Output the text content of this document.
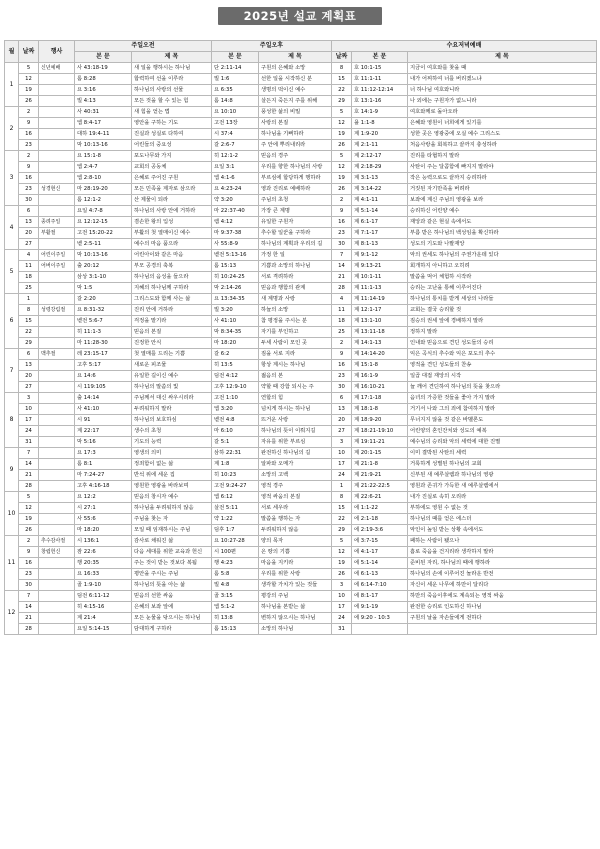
2025년 설교 계획표
월	날짜	행사	주일오전		주일오후		수요저녁예배		
			본 문	제 목	본 문	제 목	날짜	본 문	제 목
1	5	신년예배	사 43:18-19	새 일을 행하시는 하나님	단 2:11-14	구원의 은혜와 소망	8	호 10:1-15	지금이 여호와를 찾을 때
	12		롬 8:28	합력하여 선을 이루라	빌 1:6	선한 일을 시작하신 분	15	호 11:1-11	내가 어찌하여 너를 버리겠느냐
	19		요 3:16	하나님의 사랑의 선물	요 6:35	생명의 떡이신 예수	22	호 11:12-12:14	너 하나님 여호와니라
	26		빌 4:13	모든 것을 할 수 있는 힘	롬 14:8	살든지 죽든지 주를 위해	29	호 13:1-16	나 외에는 구원자가 없느니라
2	2		사 40:31	새 힘을 얻는 법	요 10:10	풍성한 삶의 비밀	5	호 14:1-9	여호와께로 돌아오라
	9		엡 8:4-17	영안을 구하는 기도	고전 13장	사랑의 본질	12	욜 1:1-8	은혜와 영원이 너희에게 있기를
	16		대하 19:4-11	진실과 성실로 다하여	시 37:4	하나님을 기뻐하라	19	계 1:9-20	성한 곳은 영광중에 오실 예수 그리스도
	23		막 10:13-16	어린들의 중요성	갈 2:6-7	주 안에 뿌리내리라	26	계 2:1-11	처음사랑을 회복하고 끝까지 충성하라
3	2		요 15:1-8	포도나무와 가지	히 12:1-2	믿음의 경주	5	계 2:12-17	진리를 타협하지 말라
	9		엡 2:4-7	교회의 공동체	요일 3:1	우리를 향한 하나님의 사랑	12	계 2:18-29	사탄이 주는 달콤함에 빠지지 말라야
	16		엡 2:8-10	은혜로 주어진 구원	엡 4:1-6	부르심에 합당하게 행하라	19	계 3:1-13	작은 능력으로도 끝까지 승리하라
	23	성경현신	마 28:19-20	모든 민족을 제자로 삼으라	요 4:23-24	영과 진리로 예배하라	26	계 3:14-22	거짓된 자기만족을 버려라
	30		롬 12:1-2	산 제물이 되라	약 3:20	주님의 초청	2	계 4:1-11	보좌에 계신 주님의 영광을 보라
4	6		요일 4:7-8	하나님의 사랑 안에 거하라	마 22:37-40	가장 큰 계명	9	계 5:1-14	승리하신 어린양 예수
	13	종려주일	요 12:12-15	겸손한 왕의 입성	렘 4:12	유일한 구원자	16	계 6:1-17	재앙과 같은 현실 속에서도
	20	부활절	고전 15:20-22	부활의 첫 열매이신 예수	마 9:37-38	추수할 일꾼을 구하라	23	계 7:1-17	부름 받은 하나님의 백성임을 확신하라
	27		벧 2:5-11	예수의 마음 품으라	사 55:8-9	하나님의 계획과 우리의 길	30	계 8:1-13	성도의 기도와 나팔재앙
5	4	어린이주일	막 10:13-16	어린아이와 같은 마음	벧전 5:13-16	가정 한 일	7	계 9:1-12	악의 권세도 하나님의 주권가운데 있다
	11	어버이주일	출 20:12	부모 공경의 축복	롬 15:13	기쁨과 소망의 하나님	14	계 9:13-21	회개하지 아니하고 오히려
	18		삼상 3:1-10	하나님의 음성을 들으라	히 10:24-25	서로 격려하라	21	계 10:1-11	말씀을 먹어 체험하 시작라
	25		막 1:5	지혜의 하나님께 구하라	막 2:14-26	믿음과 행함의 관계	28	계 11:1-13	승리는 고난을 통해 이루어진다
6	1		갈 2:20	그리스도와 함께 사는 삶	요 13:34-35	새 계명과 사랑	4	계 11:14-19	하나님의 통치를 받게 세상의 나라들
	8	성령강림절	요 8:31-32	진리 안에 거하라	빌 3:20	하늘의 소망	11	계 12:1-17	교회는 결국 승리할 것
	15		벧전 5:6-7	걱정을 맡기라	사 41:10	참 평정을 주시는 분	18	계 13:1-10	짐승의 권세 앞에 경배하지 말라
	22		히 11:1-3	믿음의 본질	막 8:34-35	자기를 부인하고	25	계 13:11-18	정하지 말라
	29		마 11:28-30	진정한 안식	마 18:20	두세 사람이 모인 곳	2	계 14:1-13	인내와 믿음으로 견딘 성도들의 승리
7	6	맥추절	레 23:15-17	첫 열매를 드리는 기쁨	갈 6:2	짐을 서로 지라	9	계 14:14-20	익은 곡식의 추수와 익은 포도의 추수
	13		고후 5:17	새로운 피조물	히 13:5	항상 계시는 하나님	16	계 15:1-8	영적을 견딘 성도들의 찬송
	20		요 14:6	유일한 길이신 예수	딤전 4:12	젊음의 본	23	계 16:1-9	일곱 대접 재앙의 시작
	27		시 119:105	하나님의 말씀의 빛	고후 12:9-10	약할 때 강함 되시는 주	30	계 16:10-21	늘 깨어 견딘하여 하나님의 뜻을 찾으라
8	3		출 14:14	주님께서 대신 싸우시리라	고전 1:10	연합의 힘	6	계 17:1-18	음녀의 가증한 것들을 좋아 가지 말라
	10		사 41:10	두려워하지 말라	엡 3:20	넘치게 하시는 하나님	13	계 18:1-8	거기서 나와 그의 죄에 참여하지 말라
	17		시 91	하나님의 보호하심	벧전 4:8	뜨거운 사랑	20	계 18:9-20	무너지지 않을 것 같은 바벨론도
	24		계 22:17	생수의 초청	마 6:10	하나님의 뜻이 이뤄지길	27	계 18:21-19:10	어린양의 혼인잔치와 성도의 예복
	31		막 5:16	기도의 능력	갈 5:1	자유를 위한 부르심	3	계 19:11-21	예수님의 승리와 악의 세력에 대한 진멸
9	7		요 17:3	영생의 의미	삼하 22:31	완전하신 하나님의 길	10	계 20:1-15	이미 결박된 사탄의 세력
	14		롬 8:1	정죄함이 없는 삶	계 1:8	알파와 오메가	17	계 21:1-8	거룩하게 성별된 하나님의 교회
	21		마 7:24-27	반석 위에 세운 집	히 10:23	소망의 고백	24	계 21:9-21	신부된 새 예루살렘과 하나님의 영광
	28		고후 4:16-18	영원한 영광을 바라보며	고전 9:24-27	영적 경주	1	계 21:22-22:5	영원과 존귀가 가득한 새 예루살렘에서
10	5		요 12:2	믿음의 창시자 예수	엡 6:12	영적 싸움의 본질	8	계 22:6-21	내가 진실로 속히 오리라
	12		시 27:1	하나님을 두려워하지 않음	살전 5:11	서로 세우라	15	에 1:1-22	부하에도 영원 수 없는 것
	19		사 55:6	주님을 찾는 자	약 1:22	말씀을 행하는 자	22	에 2:1-18	하나님의 때를 얻은 에스더
	26		마 18:20	모일 때 임재하시는 주님	딤후 1:7	두려워하지 않음	29	에 2:19-3:6	악인이 높임 받는 상황 속에서도
11	2	추수감사절	시 136:1	감사로 채워진 삶	요 10:27-28	양의 목자	5	에 3:7-15	패하는 사람이 됐으나
	9	창립헌신	잠 22:6	다음 세대를 위한 교육과 헌신	시 100편	온 땅의 기쁨	12	에 4:1-17	흠로 죽음을 건지리라 생각하지 말라
	16		행 20:35	주는 것이 받는 것보다 복됨	행 4:23	마음을 지키라	19	에 5:1-14	준비된 자리, 하나님의 때에 행하라
	23		요 16:33	평안을 주시는 주님	롬 5:8	우리를 위한 사랑	26	에 6:1-13	하나님의 손에 이루어진 놀라운 반전
	30		골 1:9-10	하나님의 뜻을 아는 삶	빌 4:8	생각할 가치가 있는 것들	3	에 6:14-7:10	자신이 세운 나무에 하만이 달리다
12	7		딤전 6:11-12	믿음의 선한 싸움	골 3:15	평강의 주님	10	에 8:1-17	하만의 죽음이후에도 계속되는 영적 싸움
	14		히 4:15-16	은혜의 보좌 앞에	엡 5:1-2	하나님을 본받는 삶	17	에 9:1-19	완전한 승리로 인도하신 하나님
	21		계 21:4	모든 눈물을 닦으시는 하나님	히 13:8	변하지 않으시는 하나님	24	에 9:20 - 10:3	구원의 날을 자손들에게 전하다
	28		요일 5:14-15	담대하게 구하라	롬 15:13	소망의 하나님	31		
